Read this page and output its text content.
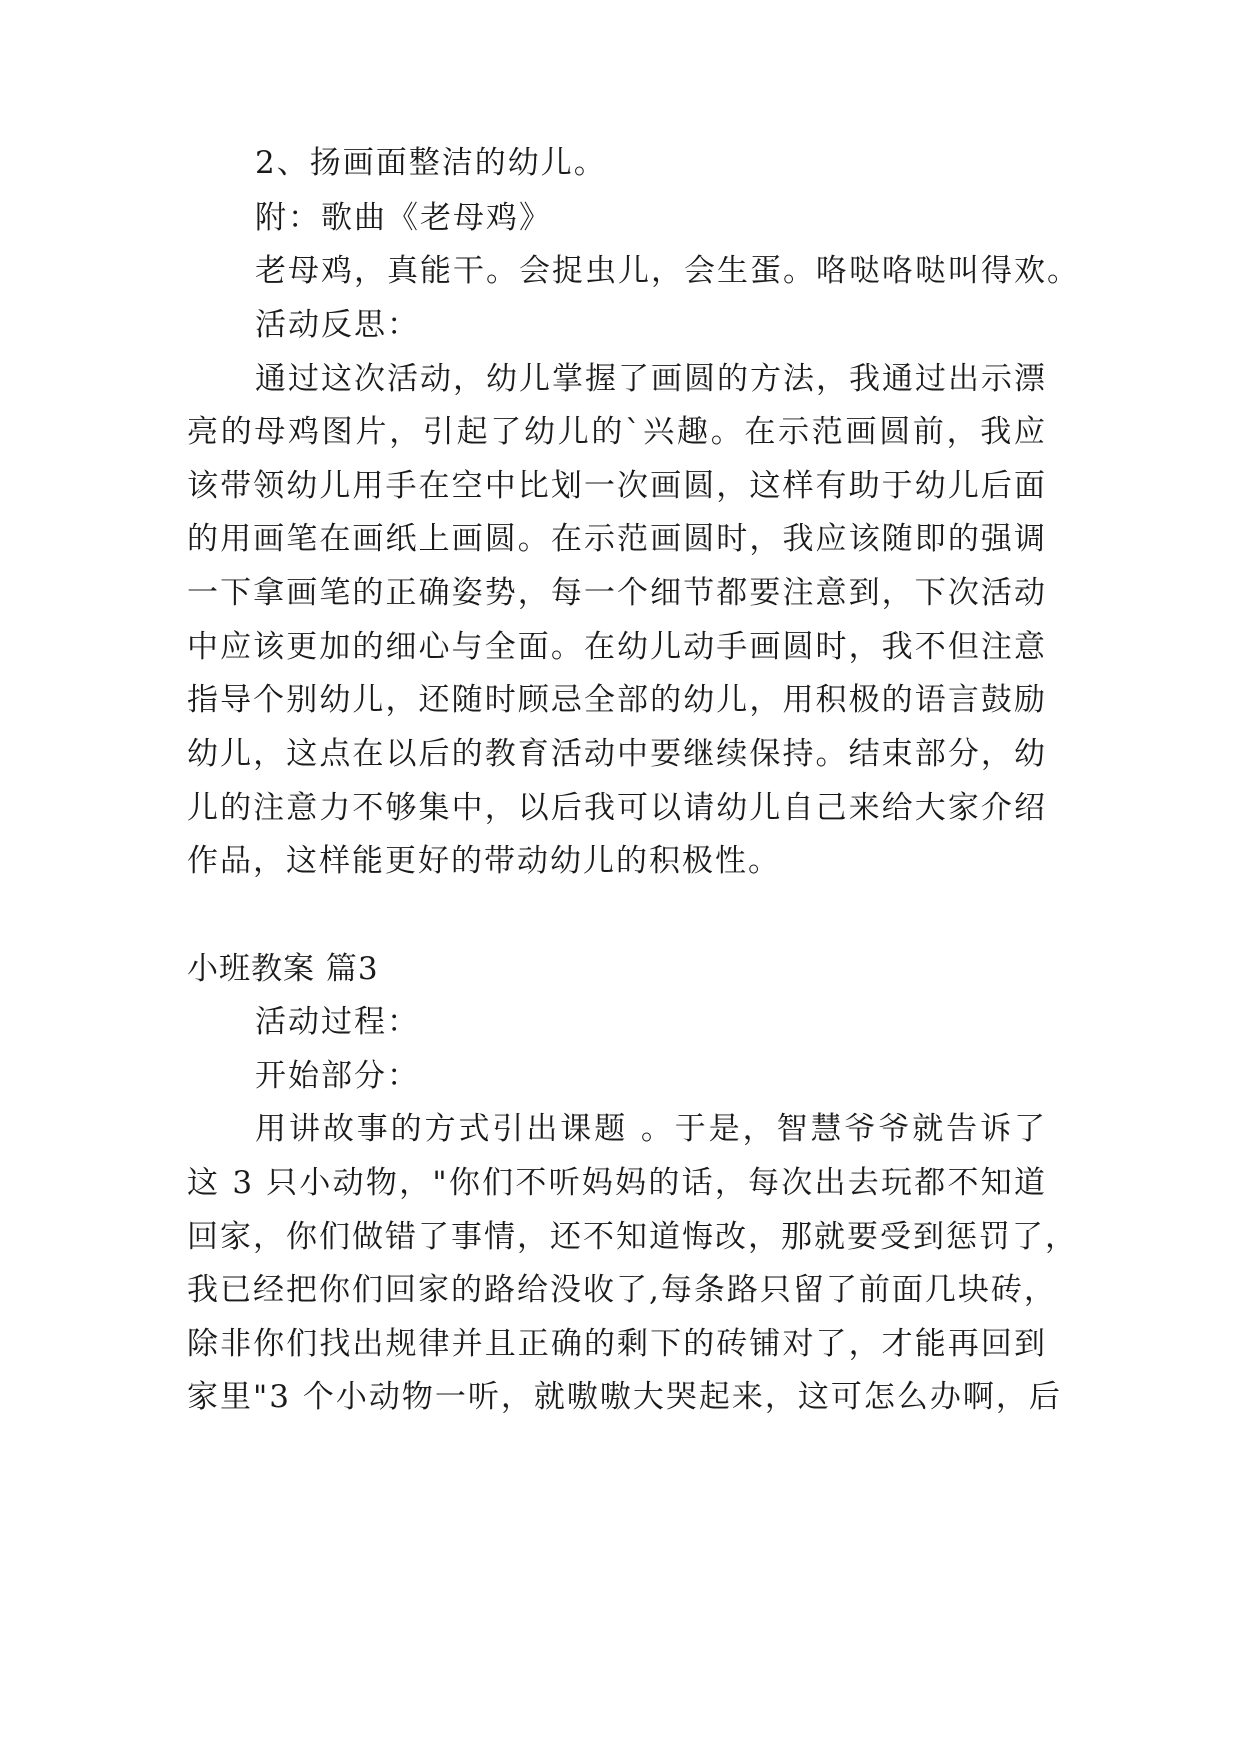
2、扬画面整洁的幼儿。
附：歌曲《老母鸡》
老母鸡，真能干。会捉虫儿，会生蛋。咯哒咯哒叫得欢。
活动反思：
通过这次活动，幼儿掌握了画圆的方法，我通过出示漂
亮的母鸡图片，引起了幼儿的`兴趣。在示范画圆前，我应
该带领幼儿用手在空中比划一次画圆，这样有助于幼儿后面
的用画笔在画纸上画圆。在示范画圆时，我应该随即的强调
一下拿画笔的正确姿势，每一个细节都要注意到，下次活动
中应该更加的细心与全面。在幼儿动手画圆时，我不但注意
指导个别幼儿，还随时顾忌全部的幼儿，用积极的语言鼓励
幼儿，这点在以后的教育活动中要继续保持。结束部分，幼
儿的注意力不够集中，以后我可以请幼儿自己来给大家介绍
作品，这样能更好的带动幼儿的积极性。
小班教案 篇3
活动过程：
开始部分：
用讲故事的方式引出课题 。于是，智慧爷爷就告诉了
这 3 只小动物，"你们不听妈妈的话，每次出去玩都不知道
回家，你们做错了事情，还不知道悔改，那就要受到惩罚了，
我已经把你们回家的路给没收了,每条路只留了前面几块砖，
除非你们找出规律并且正确的剩下的砖铺对了，才能再回到
家里"3 个小动物一听，就嗷嗷大哭起来，这可怎么办啊，后
